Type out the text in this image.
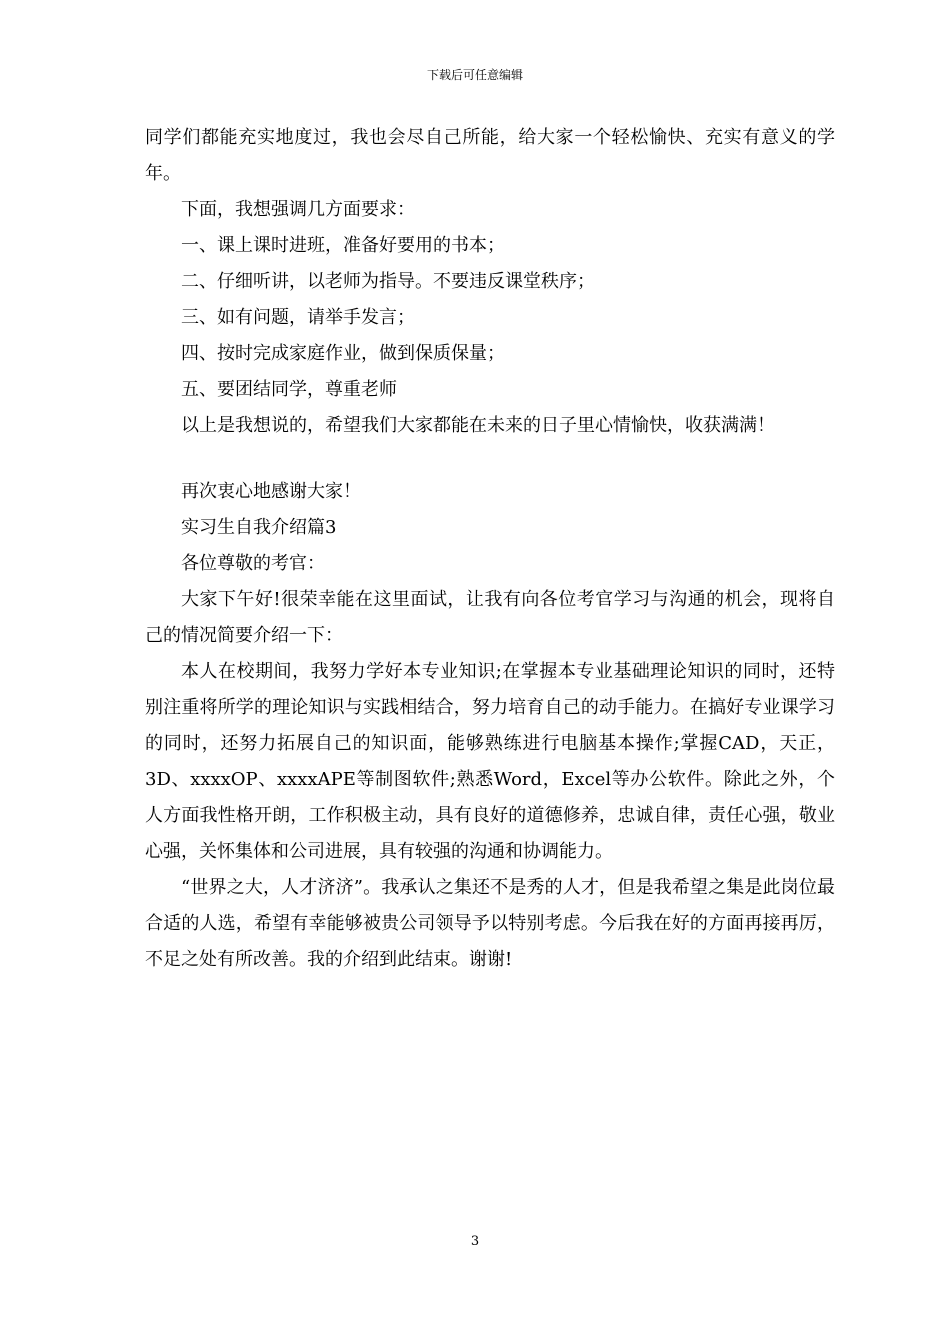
下载后可任意编辑

同学们都能充实地度过，我也会尽自己所能，给大家一个轻松愉快、充实有意义的学年。

下面，我想强调几方面要求：

一、课上课时进班，准备好要用的书本；

二、仔细听讲，以老师为指导。不要违反课堂秩序；

三、如有问题，请举手发言；

四、按时完成家庭作业，做到保质保量；

五、要团结同学，尊重老师

以上是我想说的，希望我们大家都能在未来的日子里心情愉快，收获满满！

再次衷心地感谢大家！

实习生自我介绍篇3

各位尊敬的考官：

大家下午好!很荣幸能在这里面试，让我有向各位考官学习与沟通的机会，现将自己的情况简要介绍一下：

本人在校期间，我努力学好本专业知识;在掌握本专业基础理论知识的同时，还特别注重将所学的理论知识与实践相结合，努力培育自己的动手能力。在搞好专业课学习的同时，还努力拓展自己的知识面，能够熟练进行电脑基本操作;掌握CAD，天正，3D、xxxxOP、xxxxAPE等制图软件;熟悉Word，Excel等办公软件。除此之外，个人方面我性格开朗，工作积极主动，具有良好的道德修养，忠诚自律，责任心强，敬业心强，关怀集体和公司进展，具有较强的沟通和协调能力。

“世界之大，人才济济”。我承认之集还不是秀的人才，但是我希望之集是此岗位最合适的人选，希望有幸能够被贵公司领导予以特别考虑。今后我在好的方面再接再厉，不足之处有所改善。我的介绍到此结束。谢谢!

3
